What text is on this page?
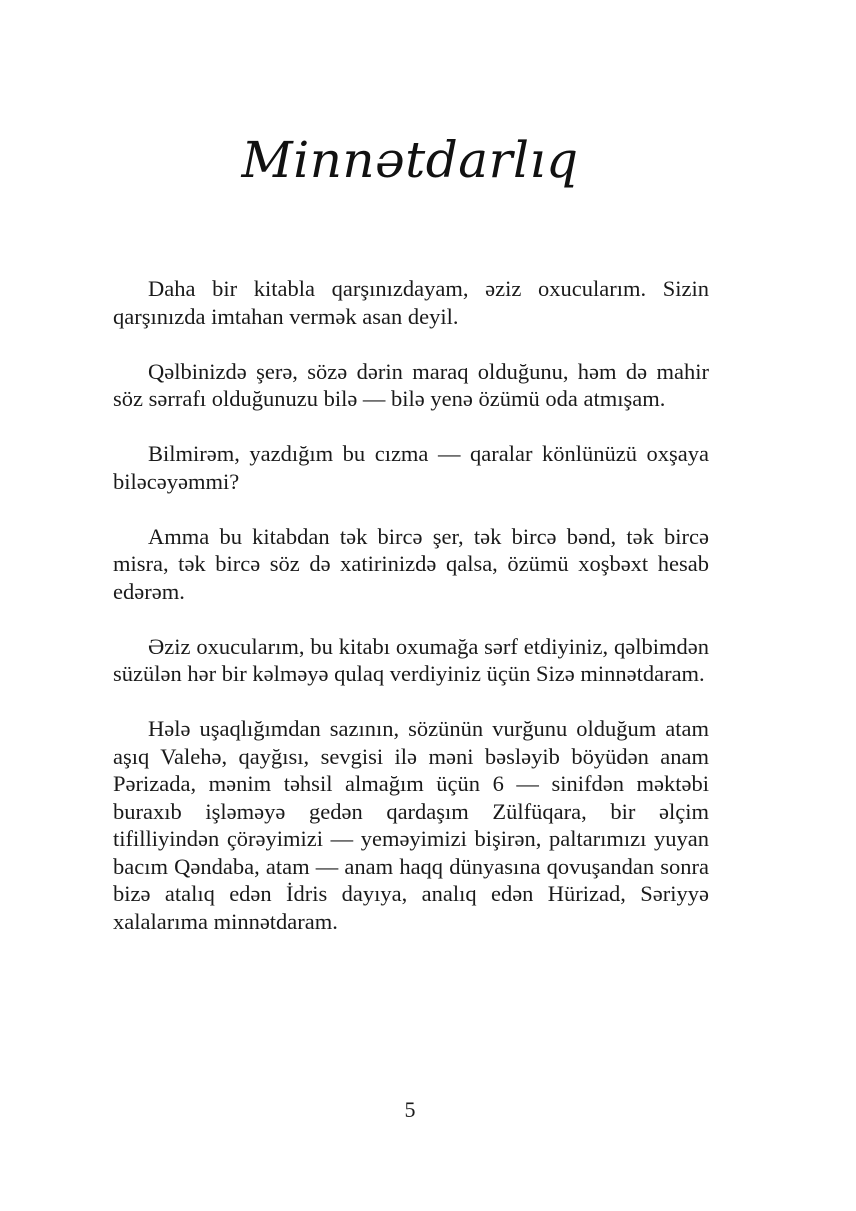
Minnətdarlıq

Daha bir kitabla qarşınızdayam, əziz oxucularım. Sizin qarşınızda imtahan vermək asan deyil.

Qəlbinizdə şerə, sözə dərin maraq olduğunu, həm də mahir söz sərrafı olduğunuzu bilə — bilə yenə özümü oda atmışam.

Bilmirəm, yazdığım bu cızma — qaralar könlünüzü oxşaya biləcəyəmmi?

Amma bu kitabdan tək bircə şer, tək bircə bənd, tək bircə misra, tək bircə söz də xatirinizdə qalsa, özümü xoşbəxt hesab edərəm.

Əziz oxucularım, bu kitabı oxumağa sərf etdiyiniz, qəlbimdən süzülən hər bir kəlməyə qulaq verdiyiniz üçün Sizə minnətdaram.

Hələ uşaqlığımdan sazının, sözünün vurğunu olduğum atam aşıq Valehə, qayğısı, sevgisi ilə məni bəsləyib böyüdən anam Pərizada, mənim təhsil almağım üçün 6 — sinifdən məktəbi buraxıb işləməyə gedən qardaşım Zülfüqara, bir əlçim tifilliyindən çörəyimizi — yeməyimizi bişirən, paltarımızı yuyan bacım Qəndaba, atam — anam haqq dünyasına qovuşandan sonra bizə atalıq edən İdris dayıya, analıq edən Hürizad, Səriyyə xalalarıma minnətdaram.

5
